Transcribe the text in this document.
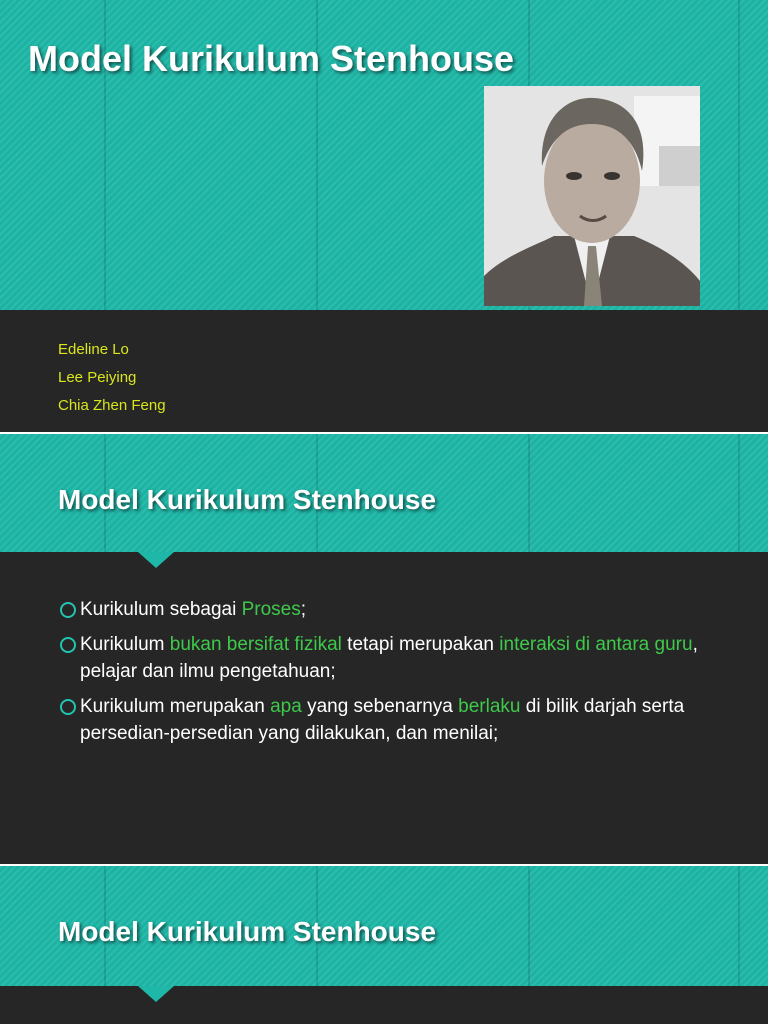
Model Kurikulum Stenhouse
Edeline Lo
Lee Peiying
Chia Zhen Feng
Model Kurikulum Stenhouse
Kurikulum sebagai Proses;
Kurikulum bukan bersifat fizikal tetapi merupakan interaksi di antara guru, pelajar dan ilmu pengetahuan;
Kurikulum merupakan apa yang sebenarnya berlaku di bilik darjah serta persedian-persedian yang dilakukan, dan menilai;
Model Kurikulum Stenhouse
